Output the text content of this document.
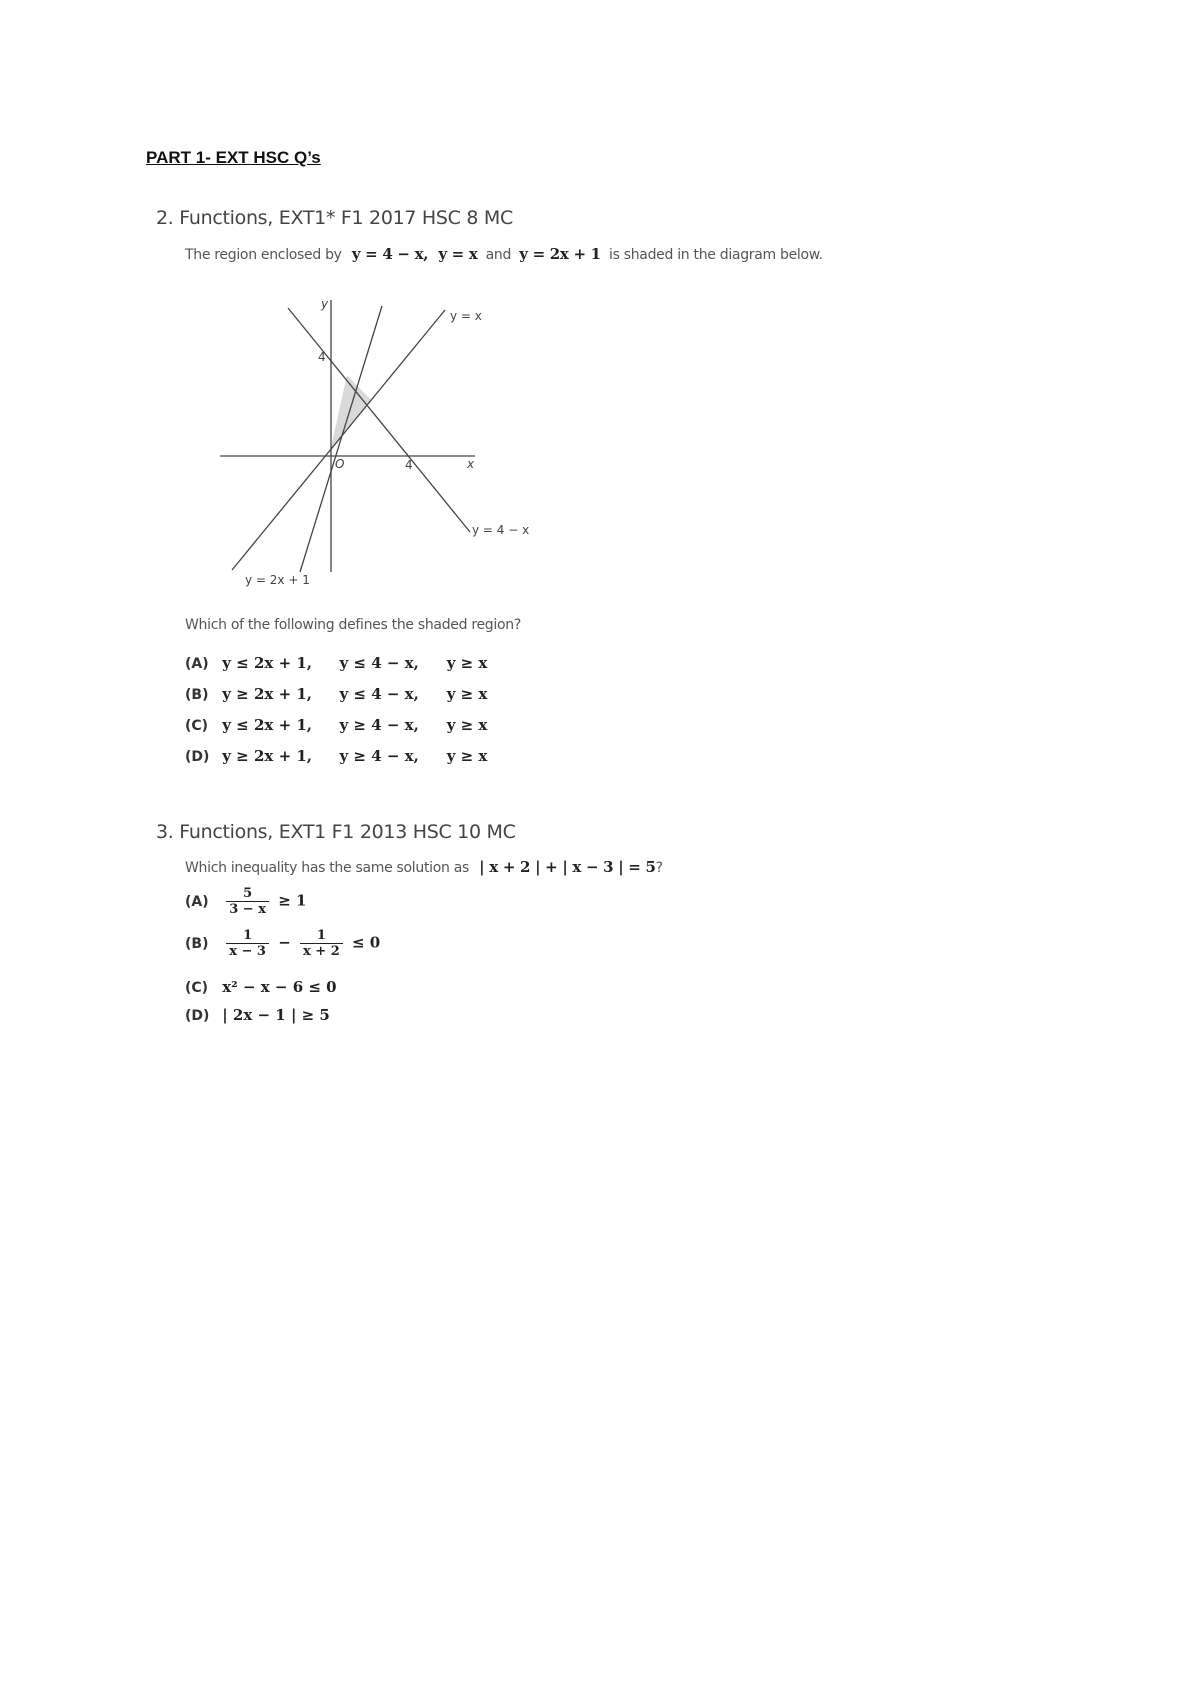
PART 1- EXT HSC Q’s
2. Functions, EXT1* F1 2017 HSC 8 MC
The region enclosed by y = 4 − x, y = x and y = 2x + 1 is shaded in the diagram below.
y
x
O
4
4
y = x
y = 4 − x
y = 2x + 1
Which of the following defines the shaded region?
(A) y ≤ 2x + 1, y ≤ 4 − x, y ≥ x
(B) y ≥ 2x + 1, y ≤ 4 − x, y ≥ x
(C) y ≤ 2x + 1, y ≥ 4 − x, y ≥ x
(D) y ≥ 2x + 1, y ≥ 4 − x, y ≥ x
3. Functions, EXT1 F1 2013 HSC 10 MC
Which inequality has the same solution as | x + 2 | + | x − 3 | = 5?
$(A) \frac{5}{3 - x} \ge 1$
$(B) \frac{1}{x - 3} - \frac{1}{x + 2} \le 0$
(C) x² − x − 6 ≤ 0
(D) | 2x − 1 | ≥ 5
